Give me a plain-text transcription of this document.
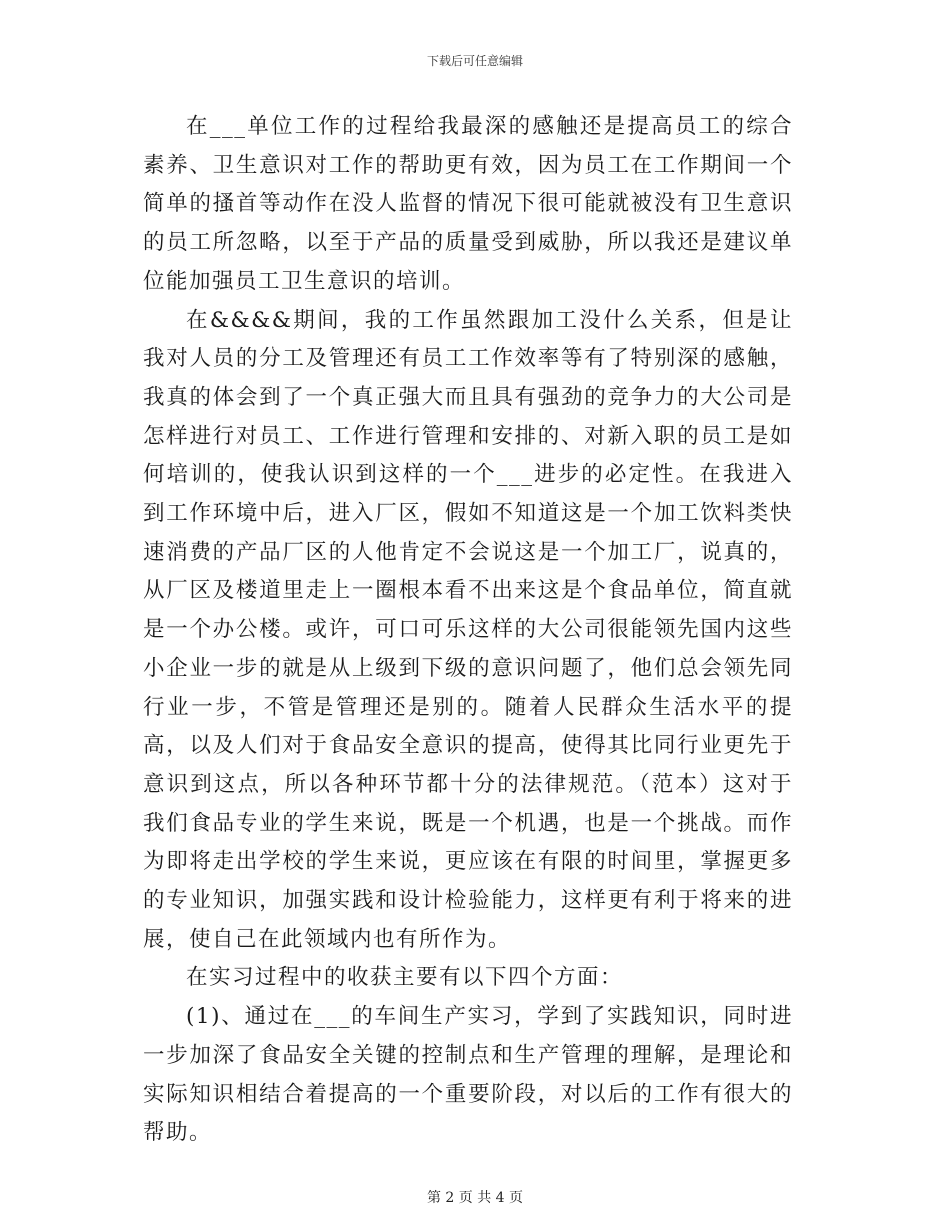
下载后可任意编辑

在___单位工作的过程给我最深的感触还是提高员工的综合素养、卫生意识对工作的帮助更有效，因为员工在工作期间一个简单的搔首等动作在没人监督的情况下很可能就被没有卫生意识的员工所忽略，以至于产品的质量受到威胁，所以我还是建议单位能加强员工卫生意识的培训。

在&&&&期间，我的工作虽然跟加工没什么关系，但是让我对人员的分工及管理还有员工工作效率等有了特别深的感触，我真的体会到了一个真正强大而且具有强劲的竞争力的大公司是怎样进行对员工、工作进行管理和安排的、对新入职的员工是如何培训的，使我认识到这样的一个___进步的必定性。在我进入到工作环境中后，进入厂区，假如不知道这是一个加工饮料类快速消费的产品厂区的人他肯定不会说这是一个加工厂，说真的，从厂区及楼道里走上一圈根本看不出来这是个食品单位，简直就是一个办公楼。或许，可口可乐这样的大公司很能领先国内这些小企业一步的就是从上级到下级的意识问题了，他们总会领先同行业一步，不管是管理还是别的。随着人民群众生活水平的提高，以及人们对于食品安全意识的提高，使得其比同行业更先于意识到这点，所以各种环节都十分的法律规范。（范本）这对于我们食品专业的学生来说，既是一个机遇，也是一个挑战。而作为即将走出学校的学生来说，更应该在有限的时间里，掌握更多的专业知识，加强实践和设计检验能力，这样更有利于将来的进展，使自己在此领域内也有所作为。

在实习过程中的收获主要有以下四个方面：

(1)、通过在___的车间生产实习，学到了实践知识，同时进一步加深了食品安全关键的控制点和生产管理的理解，是理论和实际知识相结合着提高的一个重要阶段，对以后的工作有很大的帮助。

第 2 页 共 4 页
